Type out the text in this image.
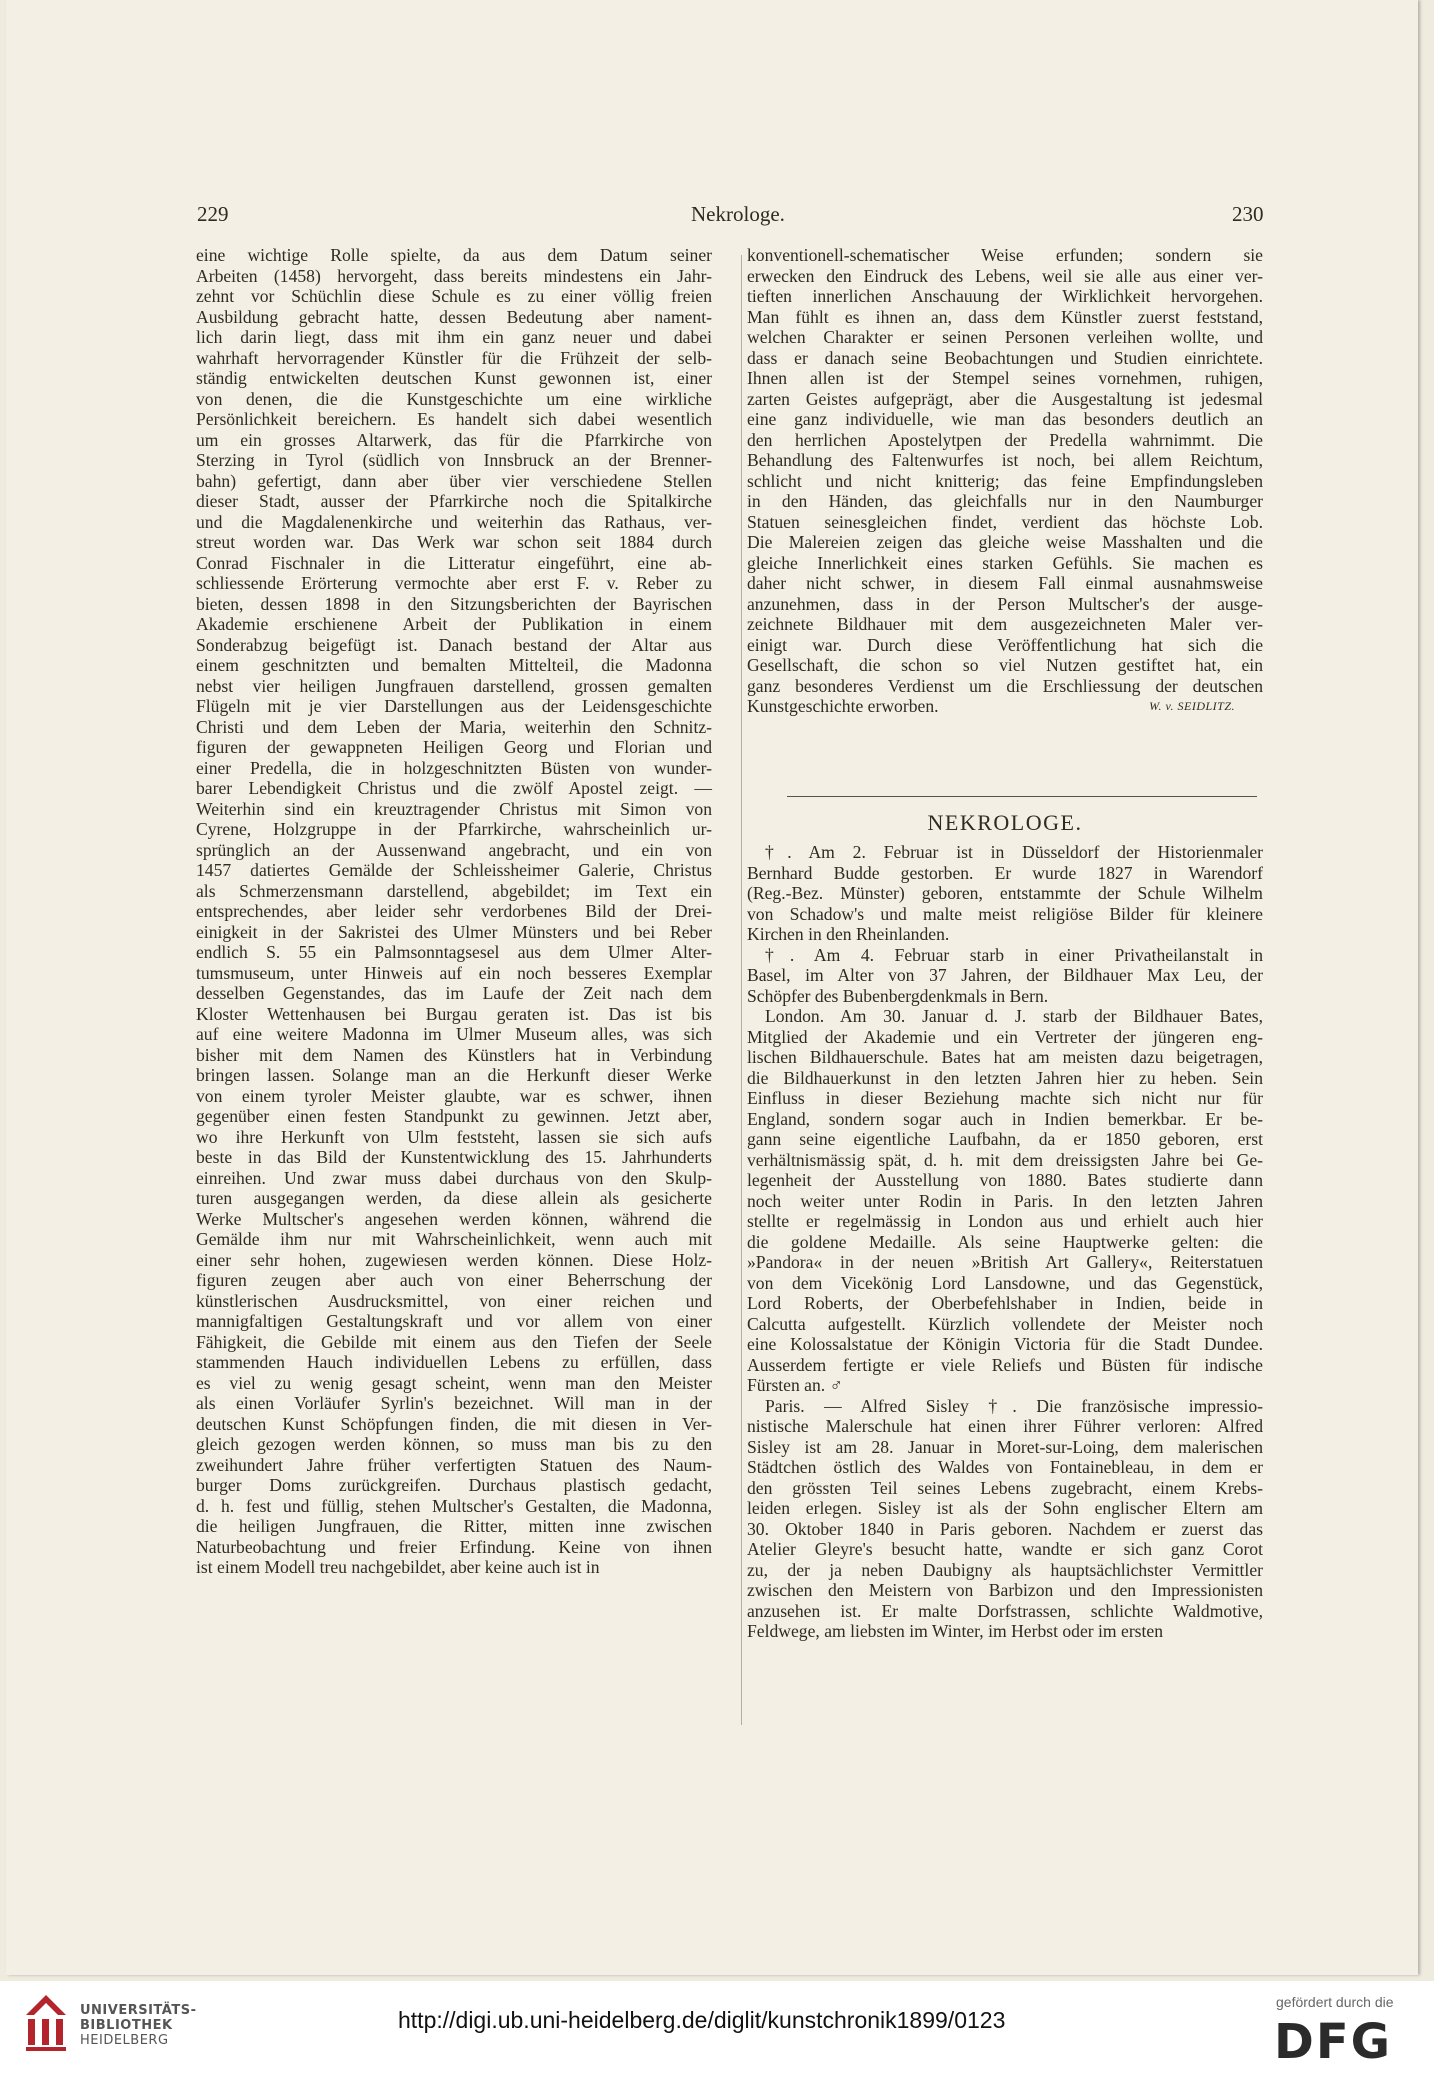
229	Nekrologe.	230
eine wichtige Rolle spielte, da aus dem Datum seiner
Arbeiten (1458) hervorgeht, dass bereits mindestens ein Jahr-
zehnt vor Schüchlin diese Schule es zu einer völlig freien
Ausbildung gebracht hatte, dessen Bedeutung aber nament-
lich darin liegt, dass mit ihm ein ganz neuer und dabei
wahrhaft hervorragender Künstler für die Frühzeit der selb-
ständig entwickelten deutschen Kunst gewonnen ist, einer
von denen, die die Kunstgeschichte um eine wirkliche
Persönlichkeit bereichern. Es handelt sich dabei wesentlich
um ein grosses Altarwerk, das für die Pfarrkirche von
Sterzing in Tyrol (südlich von Innsbruck an der Brenner-
bahn) gefertigt, dann aber über vier verschiedene Stellen
dieser Stadt, ausser der Pfarrkirche noch die Spitalkirche
und die Magdalenenkirche und weiterhin das Rathaus, ver-
streut worden war. Das Werk war schon seit 1884 durch
Conrad Fischnaler in die Litteratur eingeführt, eine ab-
schliessende Erörterung vermochte aber erst F. v. Reber zu
bieten, dessen 1898 in den Sitzungsberichten der Bayrischen
Akademie erschienene Arbeit der Publikation in einem
Sonderabzug beigefügt ist. Danach bestand der Altar aus
einem geschnitzten und bemalten Mittelteil, die Madonna
nebst vier heiligen Jungfrauen darstellend, grossen gemalten
Flügeln mit je vier Darstellungen aus der Leidensgeschichte
Christi und dem Leben der Maria, weiterhin den Schnitz-
figuren der gewappneten Heiligen Georg und Florian und
einer Predella, die in holzgeschnitzten Büsten von wunder-
barer Lebendigkeit Christus und die zwölf Apostel zeigt. —
Weiterhin sind ein kreuztragender Christus mit Simon von
Cyrene, Holzgruppe in der Pfarrkirche, wahrscheinlich ur-
sprünglich an der Aussenwand angebracht, und ein von
1457 datiertes Gemälde der Schleissheimer Galerie, Christus
als Schmerzensmann darstellend, abgebildet; im Text ein
entsprechendes, aber leider sehr verdorbenes Bild der Drei-
einigkeit in der Sakristei des Ulmer Münsters und bei Reber
endlich S. 55 ein Palmsonntagsesel aus dem Ulmer Alter-
tumsmuseum, unter Hinweis auf ein noch besseres Exemplar
desselben Gegenstandes, das im Laufe der Zeit nach dem
Kloster Wettenhausen bei Burgau geraten ist. Das ist bis
auf eine weitere Madonna im Ulmer Museum alles, was sich
bisher mit dem Namen des Künstlers hat in Verbindung
bringen lassen. Solange man an die Herkunft dieser Werke
von einem tyroler Meister glaubte, war es schwer, ihnen
gegenüber einen festen Standpunkt zu gewinnen. Jetzt aber,
wo ihre Herkunft von Ulm feststeht, lassen sie sich aufs
beste in das Bild der Kunstentwicklung des 15. Jahrhunderts
einreihen. Und zwar muss dabei durchaus von den Skulp-
turen ausgegangen werden, da diese allein als gesicherte
Werke Multscher's angesehen werden können, während die
Gemälde ihm nur mit Wahrscheinlichkeit, wenn auch mit
einer sehr hohen, zugewiesen werden können. Diese Holz-
figuren zeugen aber auch von einer Beherrschung der
künstlerischen Ausdrucksmittel, von einer reichen und
mannigfaltigen Gestaltungskraft und vor allem von einer
Fähigkeit, die Gebilde mit einem aus den Tiefen der Seele
stammenden Hauch individuellen Lebens zu erfüllen, dass
es viel zu wenig gesagt scheint, wenn man den Meister
als einen Vorläufer Syrlin's bezeichnet. Will man in der
deutschen Kunst Schöpfungen finden, die mit diesen in Ver-
gleich gezogen werden können, so muss man bis zu den
zweihundert Jahre früher verfertigten Statuen des Naum-
burger Doms zurückgreifen. Durchaus plastisch gedacht,
d. h. fest und füllig, stehen Multscher's Gestalten, die Madonna,
die heiligen Jungfrauen, die Ritter, mitten inne zwischen
Naturbeobachtung und freier Erfindung. Keine von ihnen
ist einem Modell treu nachgebildet, aber keine auch ist in
konventionell-schematischer Weise erfunden; sondern sie
erwecken den Eindruck des Lebens, weil sie alle aus einer ver-
tieften innerlichen Anschauung der Wirklichkeit hervorgehen.
Man fühlt es ihnen an, dass dem Künstler zuerst feststand,
welchen Charakter er seinen Personen verleihen wollte, und
dass er danach seine Beobachtungen und Studien einrichtete.
Ihnen allen ist der Stempel seines vornehmen, ruhigen,
zarten Geistes aufgeprägt, aber die Ausgestaltung ist jedesmal
eine ganz individuelle, wie man das besonders deutlich an
den herrlichen Apostelytpen der Predella wahrnimmt. Die
Behandlung des Faltenwurfes ist noch, bei allem Reichtum,
schlicht und nicht knitterig; das feine Empfindungsleben
in den Händen, das gleichfalls nur in den Naumburger
Statuen seinesgleichen findet, verdient das höchste Lob.
Die Malereien zeigen das gleiche weise Masshalten und die
gleiche Innerlichkeit eines starken Gefühls. Sie machen es
daher nicht schwer, in diesem Fall einmal ausnahmsweise
anzunehmen, dass in der Person Multscher's der ausge-
zeichnete Bildhauer mit dem ausgezeichneten Maler ver-
einigt war. Durch diese Veröffentlichung hat sich die
Gesellschaft, die schon so viel Nutzen gestiftet hat, ein
ganz besonderes Verdienst um die Erschliessung der deutschen
Kunstgeschichte erworben.	W. v. SEIDLITZ.
NEKROLOGE.
†. Am 2. Februar ist in Düsseldorf der Historienmaler
Bernhard Budde gestorben. Er wurde 1827 in Warendorf
(Reg.-Bez. Münster) geboren, entstammte der Schule Wilhelm
von Schadow's und malte meist religiöse Bilder für kleinere
Kirchen in den Rheinlanden.
†. Am 4. Februar starb in einer Privatheilanstalt in
Basel, im Alter von 37 Jahren, der Bildhauer Max Leu, der
Schöpfer des Bubenbergdenkmals in Bern.
London. Am 30. Januar d. J. starb der Bildhauer Bates,
Mitglied der Akademie und ein Vertreter der jüngeren eng-
lischen Bildhauerschule. Bates hat am meisten dazu beigetragen,
die Bildhauerkunst in den letzten Jahren hier zu heben. Sein
Einfluss in dieser Beziehung machte sich nicht nur für
England, sondern sogar auch in Indien bemerkbar. Er be-
gann seine eigentliche Laufbahn, da er 1850 geboren, erst
verhältnismässig spät, d. h. mit dem dreissigsten Jahre bei Ge-
legenheit der Ausstellung von 1880. Bates studierte dann
noch weiter unter Rodin in Paris. In den letzten Jahren
stellte er regelmässig in London aus und erhielt auch hier
die goldene Medaille. Als seine Hauptwerke gelten: die
»Pandora« in der neuen »British Art Gallery«, Reiterstatuen
von dem Vicekönig Lord Lansdowne, und das Gegenstück,
Lord Roberts, der Oberbefehlshaber in Indien, beide in
Calcutta aufgestellt. Kürzlich vollendete der Meister noch
eine Kolossalstatue der Königin Victoria für die Stadt Dundee.
Ausserdem fertigte er viele Reliefs und Büsten für indische
Fürsten an. ♂
Paris. — Alfred Sisley †. Die französische impressio-
nistische Malerschule hat einen ihrer Führer verloren: Alfred
Sisley ist am 28. Januar in Moret-sur-Loing, dem malerischen
Städtchen östlich des Waldes von Fontainebleau, in dem er
den grössten Teil seines Lebens zugebracht, einem Krebs-
leiden erlegen. Sisley ist als der Sohn englischer Eltern am
30. Oktober 1840 in Paris geboren. Nachdem er zuerst das
Atelier Gleyre's besucht hatte, wandte er sich ganz Corot
zu, der ja neben Daubigny als hauptsächlichster Vermittler
zwischen den Meistern von Barbizon und den Impressionisten
anzusehen ist. Er malte Dorfstrassen, schlichte Waldmotive,
Feldwege, am liebsten im Winter, im Herbst oder im ersten
UNIVERSITÄTS-
BIBLIOTHEK
HEIDELBERG
http://digi.ub.uni-heidelberg.de/diglit/kunstchronik1899/0123
gefördert durch die
DFG
